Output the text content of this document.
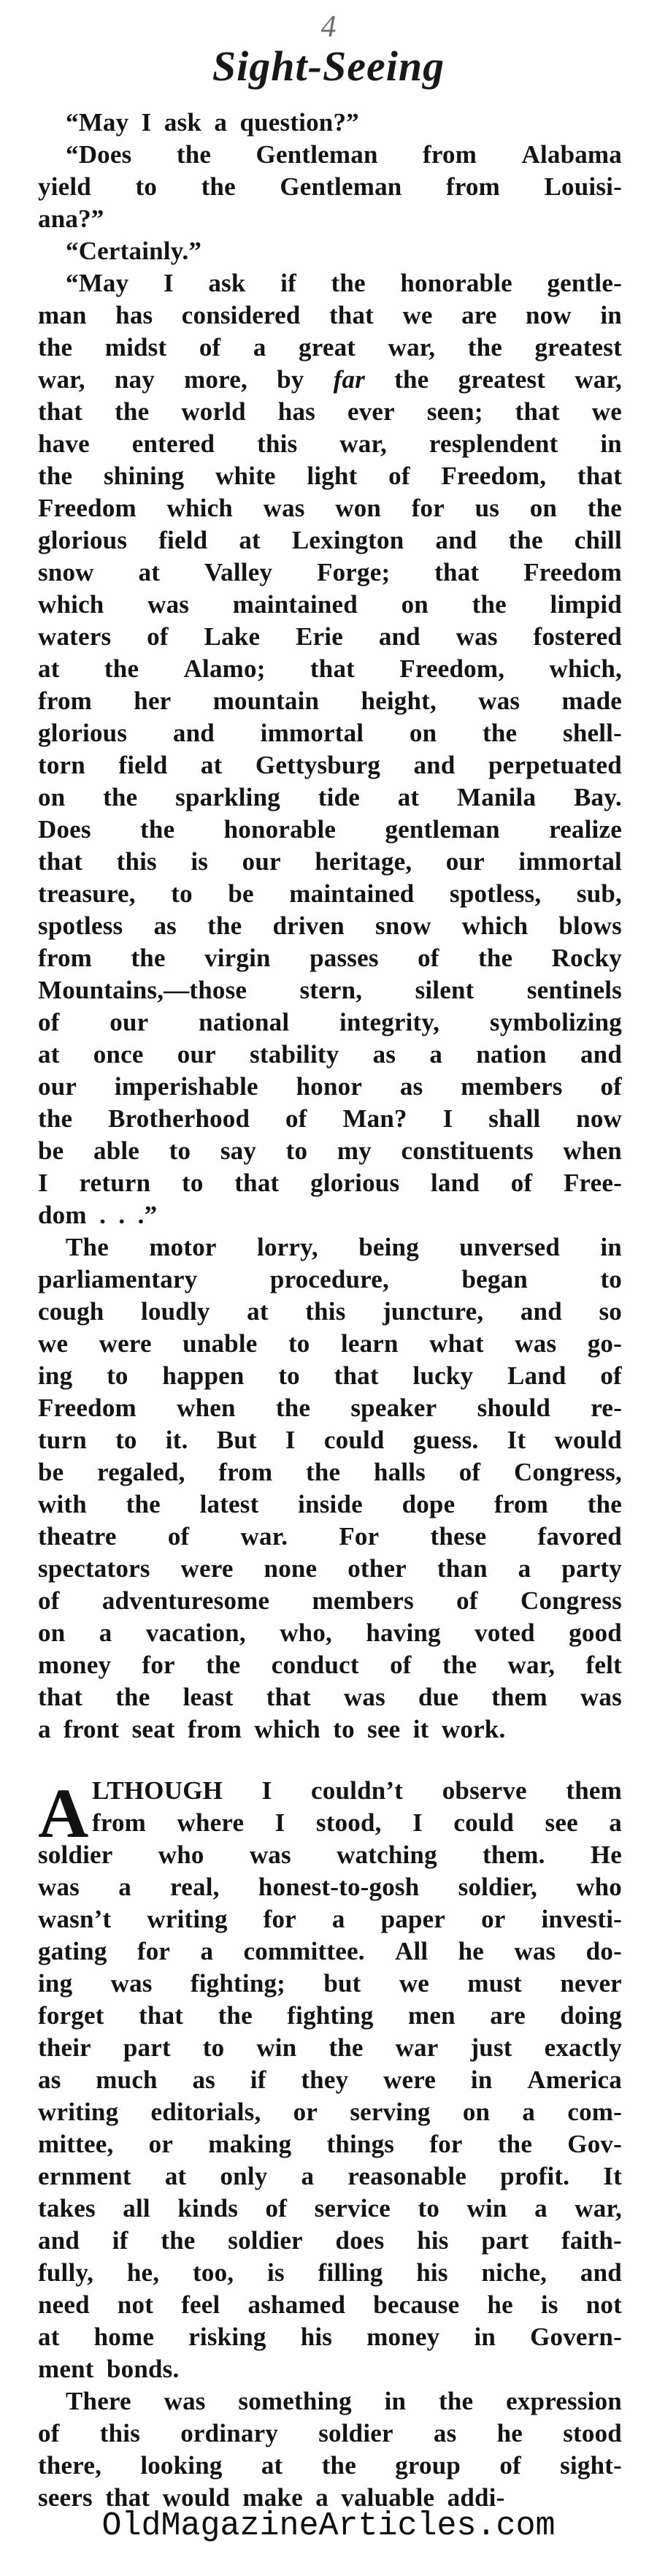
4
Sight-Seeing
“May I ask a question?”
“Does the Gentleman from Alabama
yield to the Gentleman from Louisi-
ana?”
“Certainly.”
“May I ask if the honorable gentle-
man has considered that we are now in
the midst of a great war, the greatest
war, nay more, by far the greatest war,
that the world has ever seen; that we
have entered this war, resplendent in
the shining white light of Freedom, that
Freedom which was won for us on the
glorious field at Lexington and the chill
snow at Valley Forge; that Freedom
which was maintained on the limpid
waters of Lake Erie and was fostered
at the Alamo; that Freedom, which,
from her mountain height, was made
glorious and immortal on the shell-
torn field at Gettysburg and perpetuated
on the sparkling tide at Manila Bay.
Does the honorable gentleman realize
that this is our heritage, our immortal
treasure, to be maintained spotless, sub,
spotless as the driven snow which blows
from the virgin passes of the Rocky
Mountains,—those stern, silent sentinels
of our national integrity, symbolizing
at once our stability as a nation and
our imperishable honor as members of
the Brotherhood of Man? I shall now
be able to say to my constituents when
I return to that glorious land of Free-
dom . . .”
The motor lorry, being unversed in
parliamentary	procedure,	began	to
cough loudly at this juncture, and so
we were unable to learn what was go-
ing to happen to that lucky Land of
Freedom when the speaker should re-
turn to it. But I could guess. It would
be regaled, from the halls of Congress,
with the latest inside dope from the
theatre of war. For these favored
spectators were none other than a party
of adventuresome members of Congress
on a vacation, who, having voted good
money for the conduct of the war, felt
that the least that was due them was
a front seat from which to see it work.
A LTHOUGH I couldn’t observe them
from where I stood, I could see a
soldier who was watching them. He
was a real, honest-to-gosh soldier, who
wasn’t writing for a paper or investi-
gating for a committee. All he was do-
ing was fighting; but we must never
forget that the fighting men are doing
their part to win the war just exactly
as much as if they were in America
writing editorials, or serving on a com-
mittee, or making things for the Gov-
ernment at only a reasonable profit. It
takes all kinds of service to win a war,
and if the soldier does his part faith-
fully, he, too, is filling his niche, and
need not feel ashamed because he is not
at home risking his money in Govern-
ment bonds.
There was something in the expression
of this ordinary soldier as he stood
there, looking at the group of sight-
seers that would make a valuable addi-
OldMagazineArticles.com
